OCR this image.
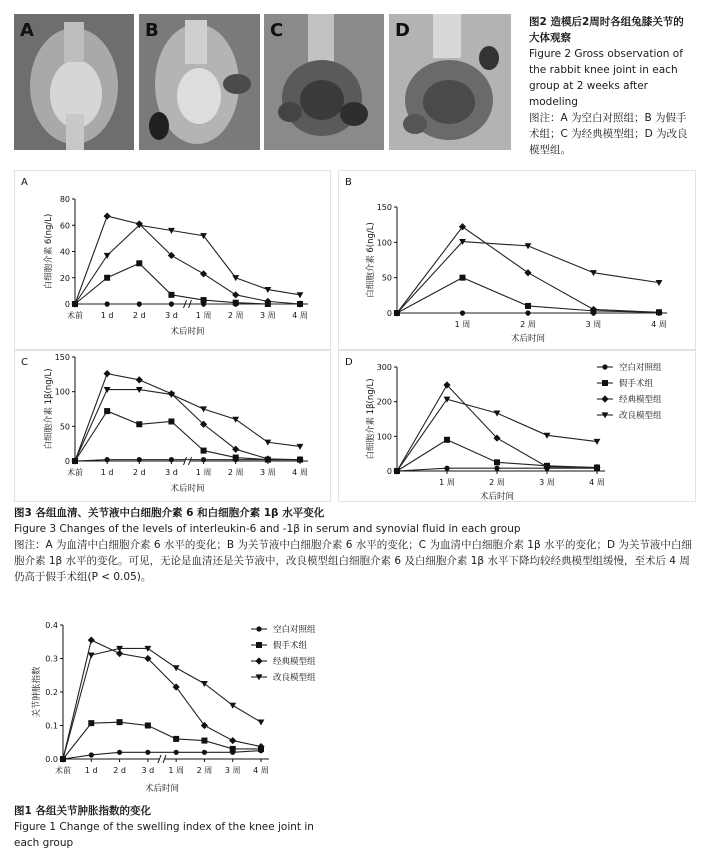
A	B	C	D	图2 造模后2周时各组兔膝关节的大体观察
Figure 2 Gross observation of the rabbit knee joint in each group at 2 weeks after modeling
图注：A 为空白对照组；B 为假手术组；C 为经典模型组；D 为改良模型组。
A
0
20
40
60
80
术前 1 d 2 d 3 d 1 周 2 周 3 周 4 周
白细胞介素 6(ng/L)
术后时间
B
0
50
100
150
1 周	2 周	3 周	4 周
白细胞介素 6(ng/L)
术后时间
C
0
50
100
150
术前 1 d 2 d 3 d 1 周 2 周 3 周 4 周
白细胞介素 1β(ng/L)
术后时间
D
0
100
200
300
1 周	2 周	3 周	4 周
白细胞介素 1β(ng/L)
术后时间
空白对照组
假手术组
经典模型组
改良模型组
图3 各组血清、关节液中白细胞介素 6 和白细胞介素 1β 水平变化
Figure 3 Changes of the levels of interleukin-6 and -1β in serum and synovial fluid in each group
图注：A 为血清中白细胞介素 6 水平的变化；B 为关节液中白细胞介素 6 水平的变化；C 为血清中白细胞介素 1β 水平的变化；D 为关节液中白细胞介素 1β 水平的变化。可见，无论是血清还是关节液中，改良模型组白细胞介素 6 及白细胞介素 1β 水平下降均较经典模型组缓慢，至术后 4 周仍高于假手术组(P < 0.05)。
0.0
0.1
0.2
0.3
0.4
术前 1 d 2 d 3 d 1 周 2 周 3 周 4 周
关节肿胀指数
术后时间
空白对照组
假手术组
经典模型组
改良模型组
图1 各组关节肿胀指数的变化
Figure 1 Change of the swelling index of the knee joint in each group
